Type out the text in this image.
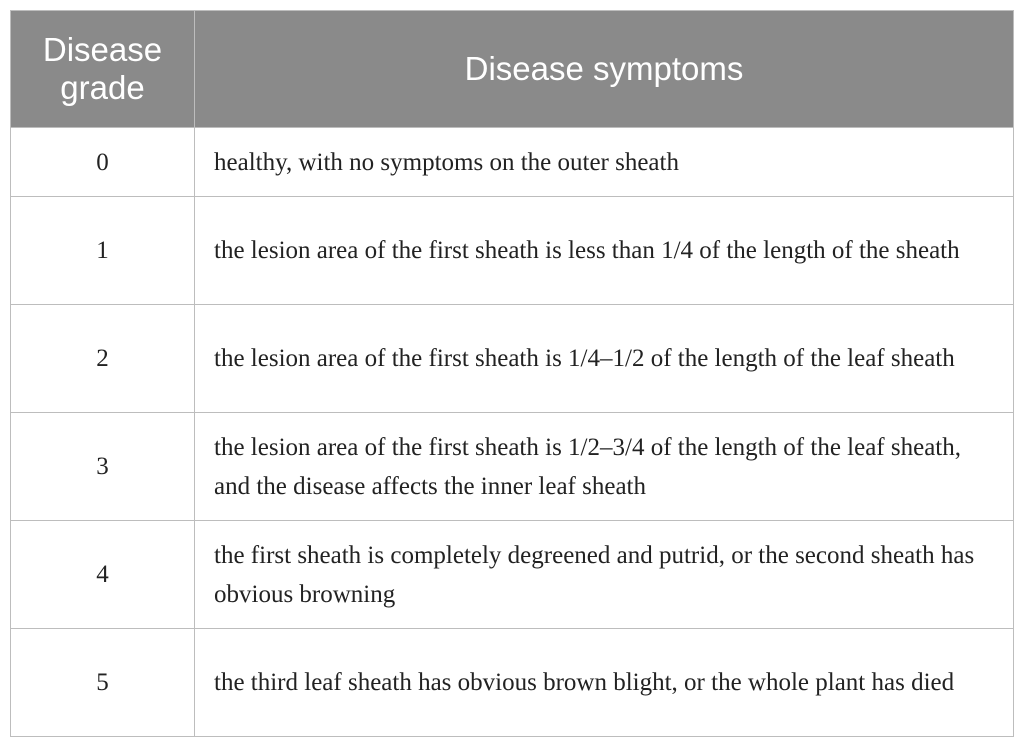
Disease
grade	Disease symptoms
0	healthy, with no symptoms on the outer sheath
1	the lesion area of the first sheath is less than 1/4 of the length of the sheath
2	the lesion area of the first sheath is 1/4–1/2 of the length of the leaf sheath
3	the lesion area of the first sheath is 1/2–3/4 of the length of the leaf sheath, and the disease affects the inner leaf sheath
4	the first sheath is completely degreened and putrid, or the second sheath has obvious browning
5	the third leaf sheath has obvious brown blight, or the whole plant has died
